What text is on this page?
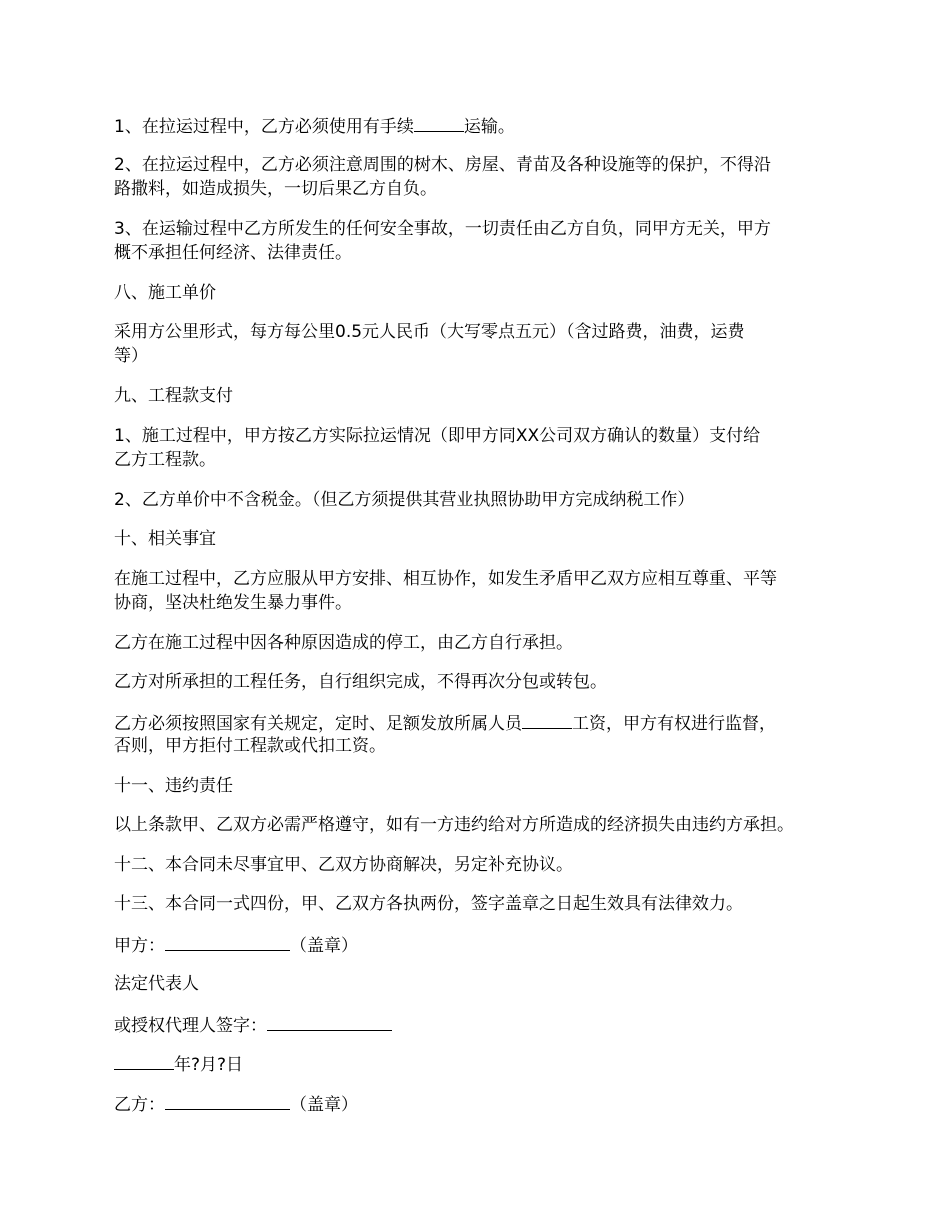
1、在拉运过程中，乙方必须使用有手续	运输。

2、在拉运过程中，乙方必须注意周围的树木、房屋、青苗及各种设施等的保护，不得沿

路撒料，如造成损失，一切后果乙方自负。

3、在运输过程中乙方所发生的任何安全事故，一切责任由乙方自负，同甲方无关，甲方

概不承担任何经济、法律责任。

八、施工单价

采用方公里形式，每方每公里0.5元人民币（大写零点五元）（含过路费，油费，运费

等）

九、工程款支付

1、施工过程中，甲方按乙方实际拉运情况（即甲方同XX公司双方确认的数量）支付给

乙方工程款。

2、乙方单价中不含税金。（但乙方须提供其营业执照协助甲方完成纳税工作）

十、相关事宜

在施工过程中，乙方应服从甲方安排、相互协作，如发生矛盾甲乙双方应相互尊重、平等

协商，坚决杜绝发生暴力事件。

乙方在施工过程中因各种原因造成的停工，由乙方自行承担。

乙方对所承担的工程任务，自行组织完成，不得再次分包或转包。

乙方必须按照国家有关规定，定时、足额发放所属人员	工资，甲方有权进行监督，

否则，甲方拒付工程款或代扣工资。

十一、违约责任

以上条款甲、乙双方必需严格遵守，如有一方违约给对方所造成的经济损失由违约方承担。

十二、本合同未尽事宜甲、乙双方协商解决，另定补充协议。

十三、本合同一式四份，甲、乙双方各执两份，签字盖章之日起生效具有法律效力。

甲方：	（盖章）

法定代表人

或授权代理人签字：

年?月?日

乙方：	（盖章）
